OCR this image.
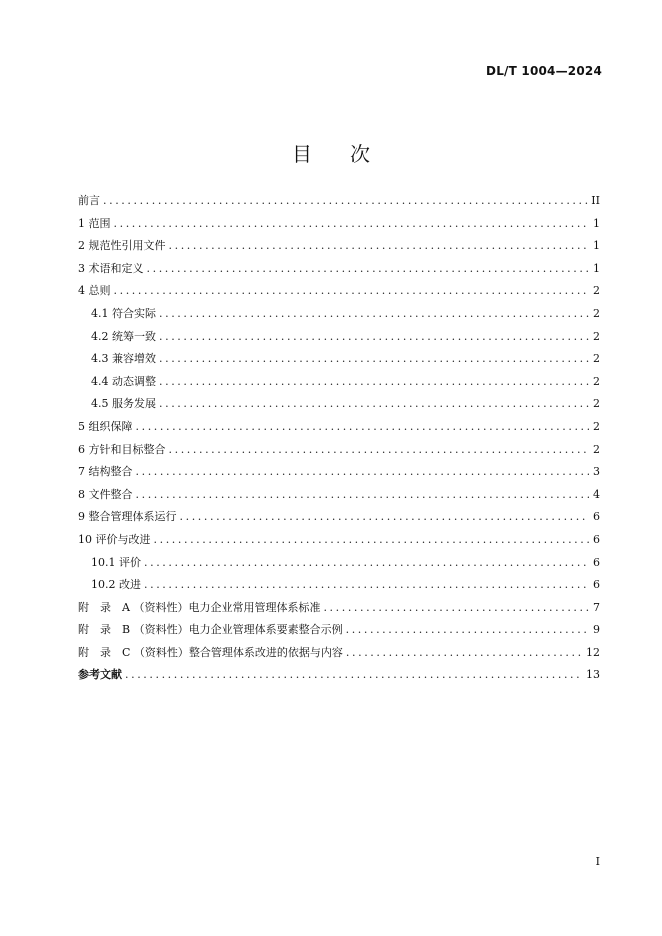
DL/T 1004—2024
目 次
前言 .....	II
1 范围 .....	1
2 规范性引用文件 .....	1
3 术语和定义 .....	1
4 总则 .....	2
4.1 符合实际 .....	2
4.2 统筹一致 .....	2
4.3 兼容增效 .....	2
4.4 动态调整 .....	2
4.5 服务发展 .....	2
5 组织保障 .....	2
6 方针和目标整合 .....	2
7 结构整合 .....	3
8 文件整合 .....	4
9 整合管理体系运行 .....	6
10 评价与改进 .....	6
10.1 评价 .....	6
10.2 改进 .....	6
附　录　A （资料性）电力企业常用管理体系标准 .....	7
附　录　B （资料性）电力企业管理体系要素整合示例 .....	9
附　录　C （资料性）整合管理体系改进的依据与内容 .....	12
参考文献 .....	13
I
